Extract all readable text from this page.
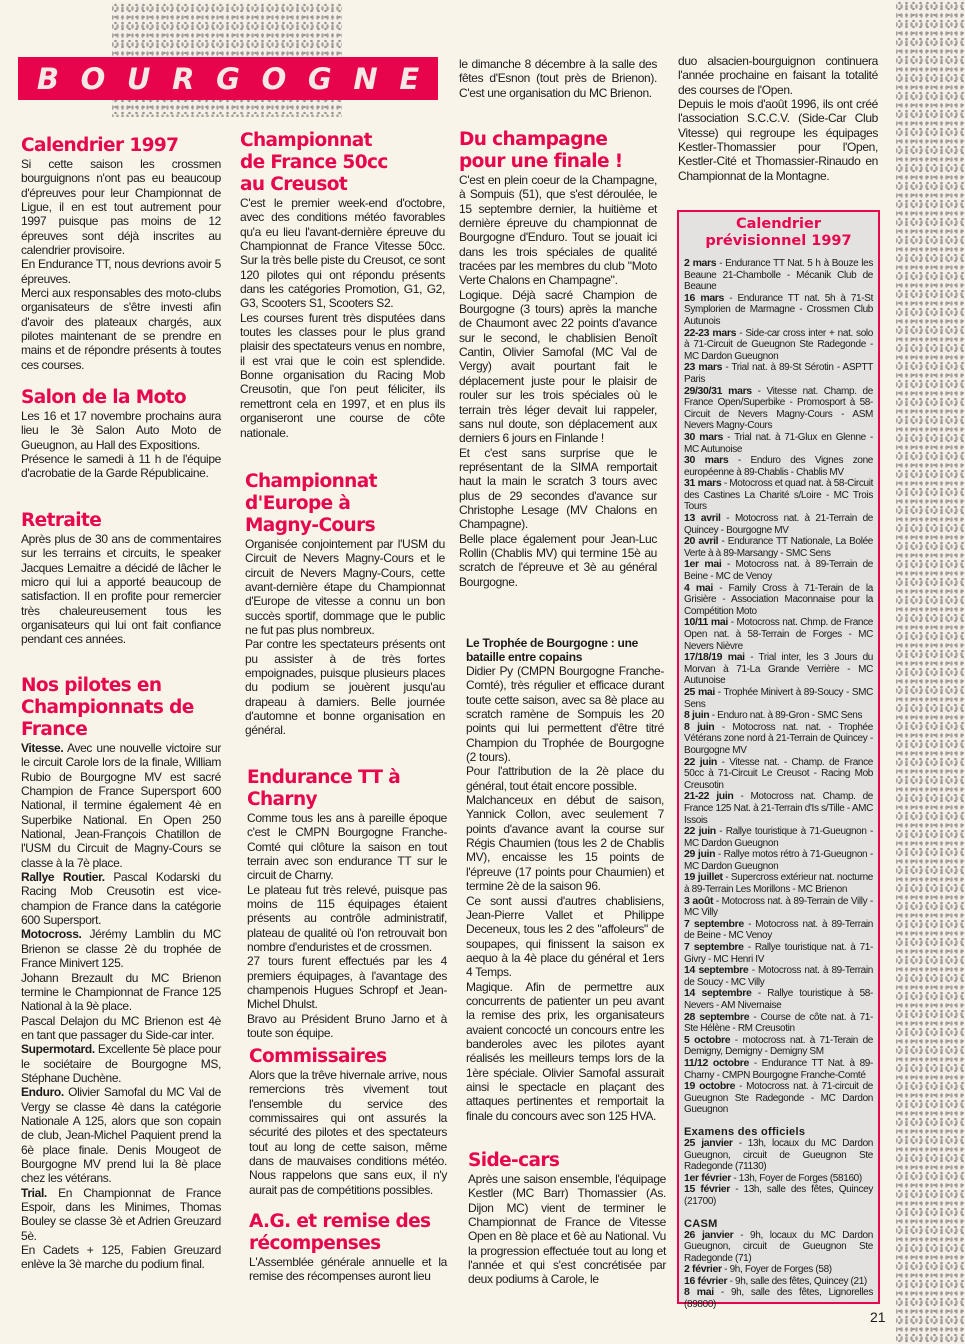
B O U R G O G N E
Calendrier 1997

Si cette saison les crossmen bourguignons n'ont pas eu beaucoup d'épreuves pour leur Championnat de Ligue, il en est tout autrement pour 1997 puisque pas moins de 12 épreuves sont déjà inscrites au calendrier provisoire.

En Endurance TT, nous devrions avoir 5 épreuves.

Merci aux responsables des moto-clubs organisateurs de s'être investi afin d'avoir des plateaux chargés, aux pilotes maintenant de se prendre en mains et de répondre présents à toutes ces courses.

Salon de la Moto

Les 16 et 17 novembre prochains aura lieu le 3è Salon Auto Moto de Gueugnon, au Hall des Expositions.

Présence le samedi à 11 h de l'équipe d'acrobatie de la Garde Républicaine.

Retraite

Après plus de 30 ans de commentaires sur les terrains et circuits, le speaker Jacques Lemaitre a décidé de lâcher le micro qui lui a apporté beaucoup de satisfaction. Il en profite pour remercier très chaleureusement tous les organisateurs qui lui ont fait confiance pendant ces années.

Nos pilotes en Championnats de France

Vitesse. Avec une nouvelle victoire sur le circuit Carole lors de la finale, William Rubio de Bourgogne MV est sacré Champion de France Supersport 600 National, il termine également 4è en Superbike National. En Open 250 National, Jean-François Chatillon de l'USM du Circuit de Magny-Cours se classe à la 7è place.

Rallye Routier. Pascal Kodarski du Racing Mob Creusotin est vice-champion de France dans la catégorie 600 Supersport.

Motocross. Jérémy Lamblin du MC Brienon se classe 2è du trophée de France Minivert 125.

Johann Brezault du MC Brienon termine le Championnat de France 125 National à la 9è place.

Pascal Delajon du MC Brienon est 4è en tant que passager du Side-car inter.

Supermotard. Excellente 5è place pour le sociétaire de Bourgogne MS, Stéphane Duchène.

Enduro. Olivier Samofal du MC Val de Vergy se classe 4è dans la catégorie Nationale A 125, alors que son copain de club, Jean-Michel Paquient prend la 6è place finale. Denis Mougeot de Bourgogne MV prend lui la 8è place chez les vétérans.

Trial. En Championnat de France Espoir, dans les Minimes, Thomas Bouley se classe 3è et Adrien Greuzard 5è.

En Cadets + 125, Fabien Greuzard enlève la 3è marche du podium final.

Championnat de France 50cc au Creusot

C'est le premier week-end d'octobre, avec des conditions météo favorables qu'a eu lieu l'avant-dernière épreuve du Championnat de France Vitesse 50cc. Sur la très belle piste du Creusot, ce sont 120 pilotes qui ont répondu présents dans les catégories Promotion, G1, G2, G3, Scooters S1, Scooters S2.

Les courses furent très disputées dans toutes les classes pour le plus grand plaisir des spectateurs venus en nombre, il est vrai que le coin est splendide. Bonne organisation du Racing Mob Creusotin, que l'on peut féliciter, ils remettront cela en 1997, et en plus ils organiseront une course de côte nationale.

Championnat d'Europe à Magny-Cours

Organisée conjointement par l'USM du Circuit de Nevers Magny-Cours et le circuit de Nevers Magny-Cours, cette avant-dernière étape du Championnat d'Europe de vitesse a connu un bon succès sportif, dommage que le public ne fut pas plus nombreux.

Par contre les spectateurs présents ont pu assister à de très fortes empoignades, puisque plusieurs places du podium se jouèrent jusqu'au drapeau à damiers. Belle journée d'automne et bonne organisation en général.

Endurance TT à Charny

Comme tous les ans à pareille époque c'est le CMPN Bourgogne Franche-Comté qui clôture la saison en tout terrain avec son endurance TT sur le circuit de Charny.

Le plateau fut très relevé, puisque pas moins de 115 équipages étaient présents au contrôle administratif, plateau de qualité où l'on retrouvait bon nombre d'enduristes et de crossmen.

27 tours furent effectués par les 4 premiers équipages, à l'avantage des champenois Hugues Schropf et Jean-Michel Dhulst.

Bravo au Président Bruno Jarno et à toute son équipe.

Commissaires

Alors que la trêve hivernale arrive, nous remercions très vivement tout l'ensemble du service des commissaires qui ont assurés la sécurité des pilotes et des spectateurs tout au long de cette saison, même dans de mauvaises conditions météo. Nous rappelons que sans eux, il n'y aurait pas de compétitions possibles.

A.G. et remise des récompenses

L'Assemblée générale annuelle et la remise des récompenses auront lieu

le dimanche 8 décembre à la salle des fêtes d'Esnon (tout près de Brienon). C'est une organisation du MC Brienon.

Du champagne pour une finale !

C'est en plein coeur de la Champagne, à Sompuis (51), que s'est déroulée, le 15 septembre dernier, la huitième et dernière épreuve du championnat de Bourgogne d'Enduro. Tout se jouait ici dans les trois spéciales de qualité tracées par les membres du club "Moto Verte Chalons en Champagne".

Logique. Déjà sacré Champion de Bourgogne (3 tours) après la manche de Chaumont avec 22 points d'avance sur le second, le chablisien Benoît Cantin, Olivier Samofal (MC Val de Vergy) avait pourtant fait le déplacement juste pour le plaisir de rouler sur les trois spéciales où le terrain très léger devait lui rappeler, sans nul doute, son déplacement aux derniers 6 jours en Finlande !

Et c'est sans surprise que le représentant de la SIMA remportait haut la main le scratch 3 tours avec plus de 29 secondes d'avance sur Christophe Lesage (MV Chalons en Champagne).

Belle place également pour Jean-Luc Rollin (Chablis MV) qui termine 15è au scratch de l'épreuve et 3è au général Bourgogne.

Le Trophée de Bourgogne : une bataille entre copains

Didier Py (CMPN Bourgogne Franche-Comté), très régulier et efficace durant toute cette saison, avec sa 8è place au scratch ramène de Sompuis les 20 points qui lui permettent d'être titré Champion du Trophée de Bourgogne (2 tours).

Pour l'attribution de la 2è place du général, tout était encore possible.

Malchanceux en début de saison, Yannick Collon, avec seulement 7 points d'avance avant la course sur Régis Chaumien (tous les 2 de Chablis MV), encaisse les 15 points de l'épreuve (17 points pour Chaumien) et termine 2è de la saison 96.

Ce sont aussi d'autres chablisiens, Jean-Pierre Vallet et Philippe Deceneux, tous les 2 des "affoleurs" de soupapes, qui finissent la saison ex aequo à la 4è place du général et 1ers 4 Temps.

Magique. Afin de permettre aux concurrents de patienter un peu avant la remise des prix, les organisateurs avaient concocté un concours entre les banderoles avec les pilotes ayant réalisés les meilleurs temps lors de la 1ère spéciale. Olivier Samofal assurait ainsi le spectacle en plaçant des attaques pertinentes et remportait la finale du concours avec son 125 HVA.

Side-cars

Après une saison ensemble, l'équipage Kestler (MC Barr) Thomassier (As. Dijon MC) vient de terminer le Championnat de France de Vitesse Open en 8è place et 6è au National. Vu la progression effectuée tout au long et l'année et qui s'est concrétisée par deux podiums à Carole, le

duo alsacien-bourguignon continuera l'année prochaine en faisant la totalité des courses de l'Open.

Depuis le mois d'août 1996, ils ont créé l'association S.C.C.V. (Side-Car Club Vitesse) qui regroupe les équipages Kestler-Thomassier pour l'Open, Kestler-Cité et Thomassier-Rinaudo en Championnat de la Montagne.

Calendrier prévisionnel 1997
2 mars - Endurance TT Nat. 5 h à Bouze les Beaune 21-Chambolle - Mécanik Club de Beaune
16 mars - Endurance TT nat. 5h à 71-St Symplorien de Marmagne - Crossmen Club Autunois
22-23 mars - Side-car cross inter + nat. solo à 71-Circuit de Gueugnon Ste Radegonde - MC Dardon Gueugnon
23 mars - Trial nat. à 89-St Sérotin - ASPTT Paris
29/30/31 mars - Vitesse nat. Champ. de France Open/Superbike - Promosport à 58-Circuit de Nevers Magny-Cours - ASM Nevers Magny-Cours
30 mars - Trial nat. à 71-Glux en Glenne - MC Autunoise
30 mars - Enduro des Vignes zone européenne à 89-Chablis - Chablis MV
31 mars - Motocross et quad nat. à 58-Circuit des Castines La Charité s/Loire - MC Trois Tours
13 avril - Motocross nat. à 21-Terrain de Quincey - Bourgogne MV
20 avril - Endurance TT Nationale, La Bolée Verte à à 89-Marsangy - SMC Sens
1er mai - Motocross nat. à 89-Terrain de Beine - MC de Venoy
4 mai - Family Cross à 71-Terain de la Grisière - Association Maconnaise pour la Compétition Moto
10/11 mai - Motocross nat. Chmp. de France Open nat. à 58-Terrain de Forges - MC Nevers Nièvre
17/18/19 mai - Trial inter, les 3 Jours du Morvan à 71-La Grande Verrière - MC Autunoise
25 mai - Trophée Minivert à 89-Soucy - SMC Sens
8 juin - Enduro nat. à 89-Gron - SMC Sens
8 juin - Motocross nat. nat. - Trophée Vétérans zone nord à 21-Terrain de Quincey - Bourgogne MV
22 juin - Vitesse nat. - Champ. de France 50cc à 71-Circuit Le Creusot - Racing Mob Creusotin
21-22 juin - Motocross nat. Champ. de France 125 Nat. à 21-Terrain d'Is s/Tille - AMC Issois
22 juin - Rallye touristique à 71-Gueugnon - MC Dardon Gueugnon
29 juin - Rallye motos rétro à 71-Gueugnon - MC Dardon Gueugnon
19 juillet - Supercross extérieur nat. nocturne à 89-Terrain Les Morillons - MC Brienon
3 août - Motocross nat. à 89-Terrain de Villy - MC Villy
7 septembre - Motocross nat. à 89-Terrain de Beine - MC Venoy
7 septembre - Rallye touristique nat. à 71-Givry - MC Henri IV
14 septembre - Motocross nat. à 89-Terrain de Soucy - MC Villy
14 septembre - Rallye touristique à 58-Nevers - AM Nivernaise
28 septembre - Course de côte nat. à 71-Ste Hélène - RM Creusotin
5 octobre - motocross nat. à 71-Terain de Demigny, Demigny - Demigny SM
11/12 octobre - Endurance TT Nat. à 89-Charny - CMPN Bourgogne Franche-Comté
19 octobre - Motocross nat. à 71-circuit de Gueugnon Ste Radegonde - MC Dardon Gueugnon
Examens des officiels
25 janvier - 13h, locaux du MC Dardon Gueugnon, circuit de Gueugnon Ste Radegonde (71130)
1er février - 13h, Foyer de Forges (58160)
15 février - 13h, salle des fêtes, Quincey (21700)
CASM
26 janvier - 9h, locaux du MC Dardon Gueugnon, circuit de Gueugnon Ste Radegonde (71)
2 février - 9h, Foyer de Forges (58)
16 février - 9h, salle des fêtes, Quincey (21)
8 mai - 9h, salle des fêtes, Lignorelles (89800)
21
